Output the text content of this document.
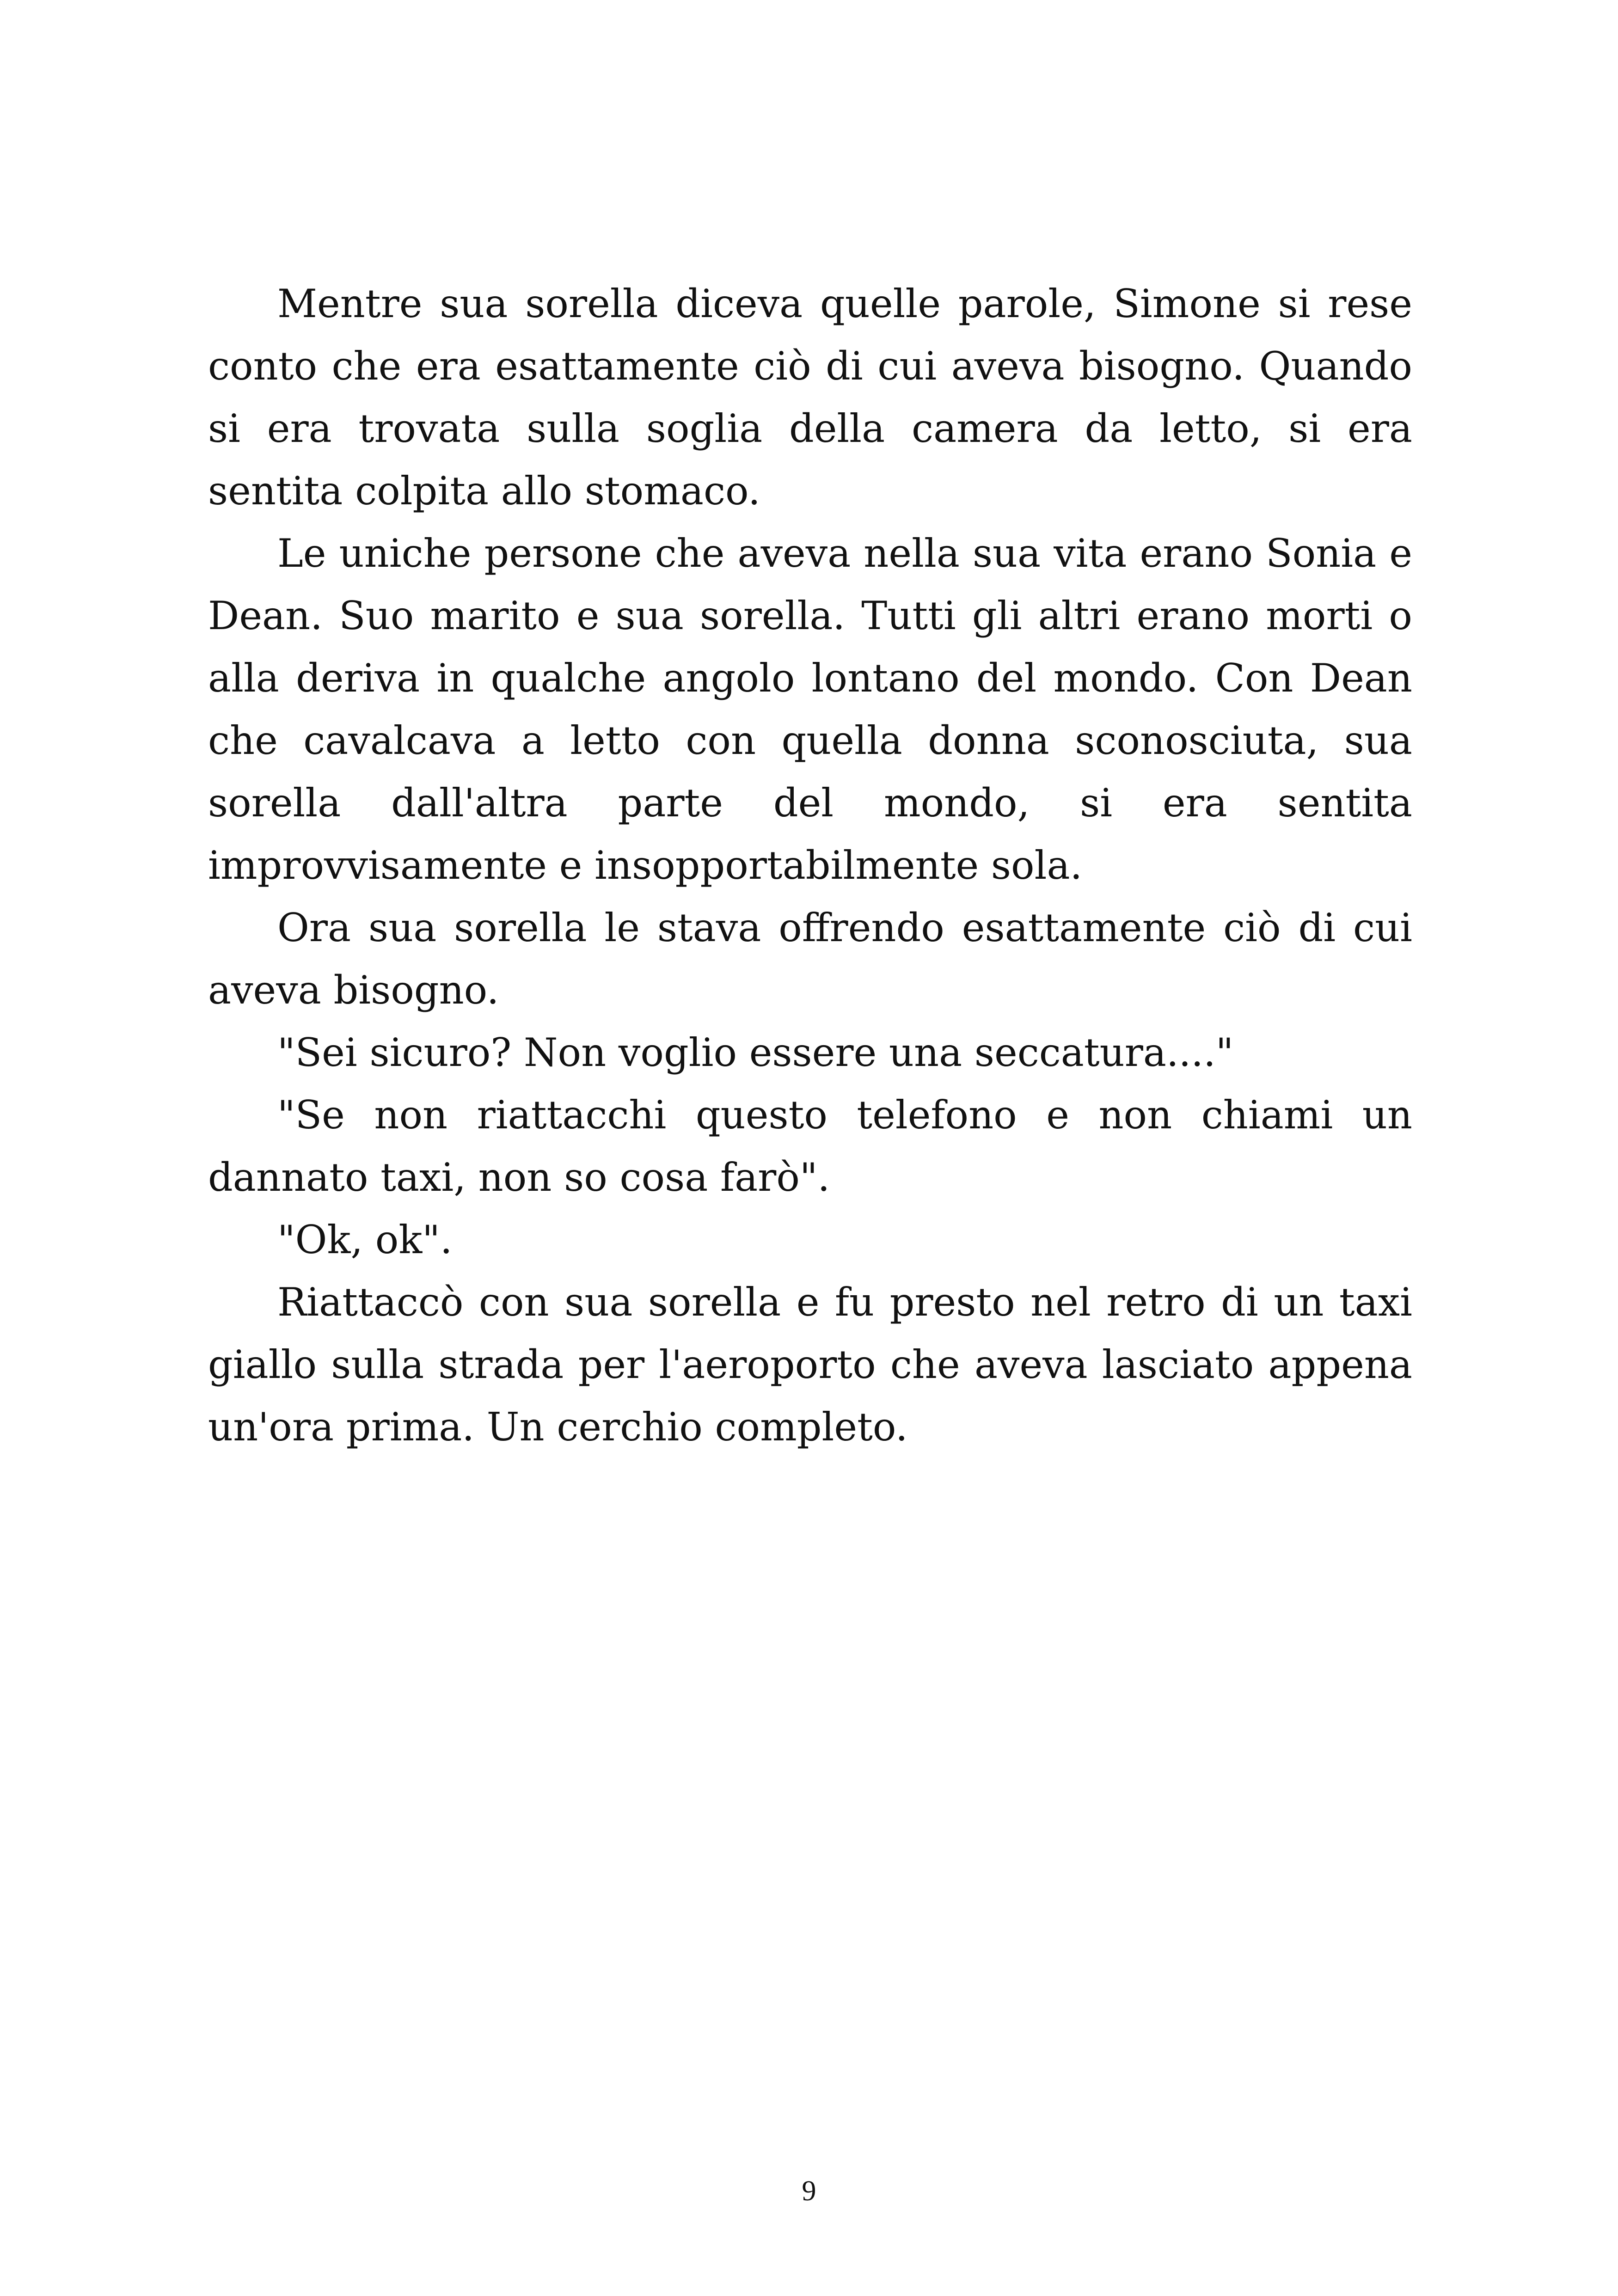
Mentre sua sorella diceva quelle parole, Simone si rese conto che era esattamente ciò di cui aveva bisogno. Quando si era trovata sulla soglia della camera da letto, si era sentita colpita allo stomaco.

Le uniche persone che aveva nella sua vita erano Sonia e Dean. Suo marito e sua sorella. Tutti gli altri erano morti o alla deriva in qualche angolo lontano del mondo. Con Dean che cavalcava a letto con quella donna sconosciuta, sua sorella dall'altra parte del mondo, si era sentita improvvisamente e insopportabilmente sola.

Ora sua sorella le stava offrendo esattamente ciò di cui aveva bisogno.

"Sei sicuro? Non voglio essere una seccatura...."

"Se non riattacchi questo telefono e non chiami un dannato taxi, non so cosa farò".

"Ok, ok".

Riattaccò con sua sorella e fu presto nel retro di un taxi giallo sulla strada per l'aeroporto che aveva lasciato appena un'ora prima. Un cerchio completo.

9
